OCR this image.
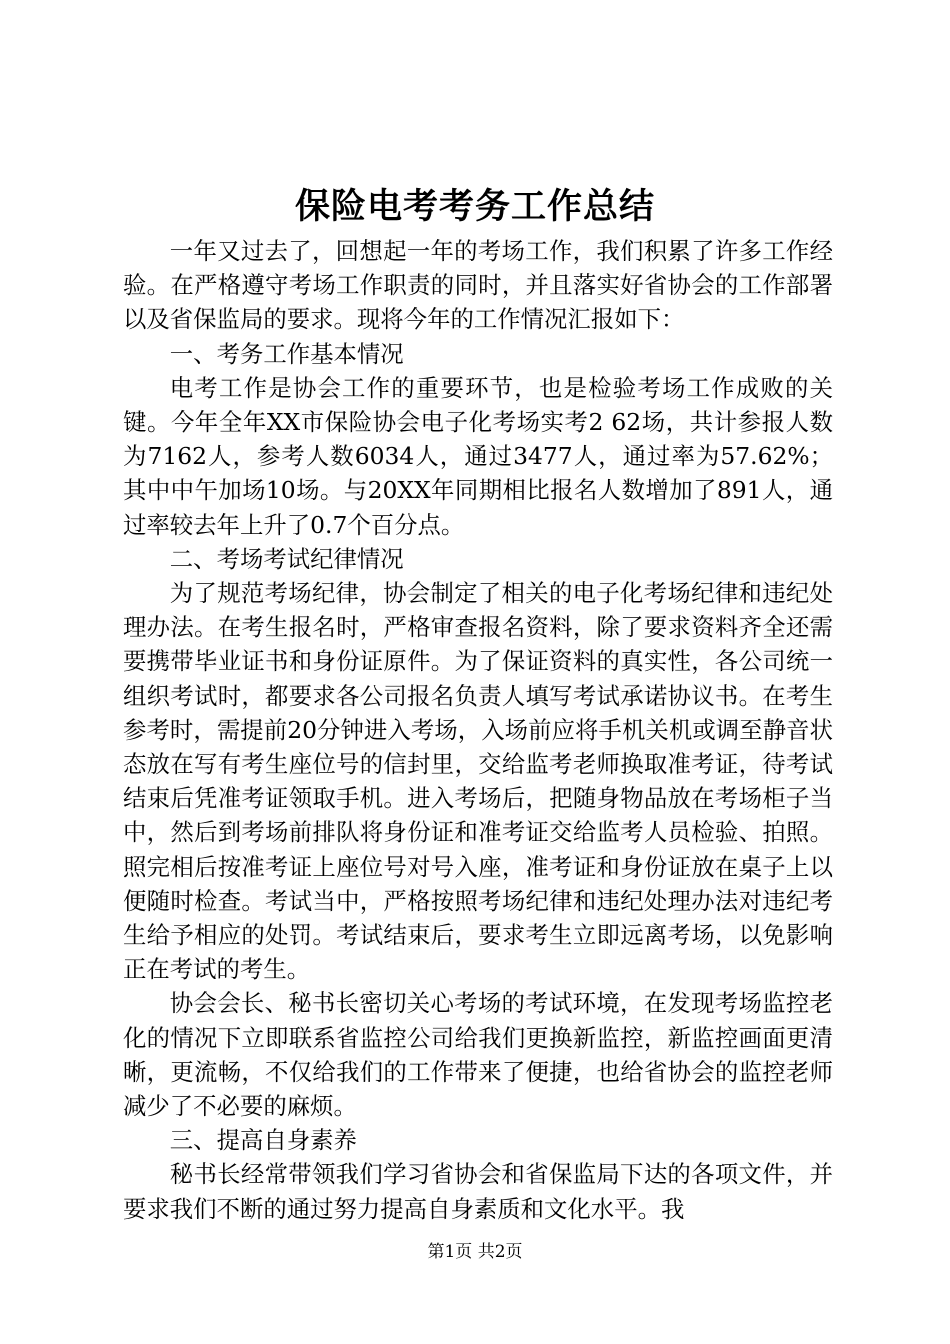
保险电考考务工作总结

一年又过去了，回想起一年的考场工作，我们积累了许多工作经验。在严格遵守考场工作职责的同时，并且落实好省协会的工作部署以及省保监局的要求。现将今年的工作情况汇报如下：

一、考务工作基本情况

电考工作是协会工作的重要环节，也是检验考场工作成败的关键。今年全年XX市保险协会电子化考场实考2 62场，共计参报人数为7162人，参考人数6034人，通过3477人，通过率为57.62%；其中中午加场10场。与20XX年同期相比报名人数增加了891人，通过率较去年上升了0.7个百分点。

二、考场考试纪律情况

为了规范考场纪律，协会制定了相关的电子化考场纪律和违纪处理办法。在考生报名时，严格审查报名资料，除了要求资料齐全还需要携带毕业证书和身份证原件。为了保证资料的真实性，各公司统一组织考试时，都要求各公司报名负责人填写考试承诺协议书。在考生参考时，需提前20分钟进入考场，入场前应将手机关机或调至静音状态放在写有考生座位号的信封里，交给监考老师换取准考证，待考试结束后凭准考证领取手机。进入考场后，把随身物品放在考场柜子当中，然后到考场前排队将身份证和准考证交给监考人员检验、拍照。照完相后按准考证上座位号对号入座，准考证和身份证放在桌子上以便随时检查。考试当中，严格按照考场纪律和违纪处理办法对违纪考生给予相应的处罚。考试结束后，要求考生立即远离考场，以免影响正在考试的考生。

协会会长、秘书长密切关心考场的考试环境，在发现考场监控老化的情况下立即联系省监控公司给我们更换新监控，新监控画面更清晰，更流畅，不仅给我们的工作带来了便捷，也给省协会的监控老师减少了不必要的麻烦。

三、提高自身素养

秘书长经常带领我们学习省协会和省保监局下达的各项文件，并要求我们不断的通过努力提高自身素质和文化水平。我

第1页 共2页
